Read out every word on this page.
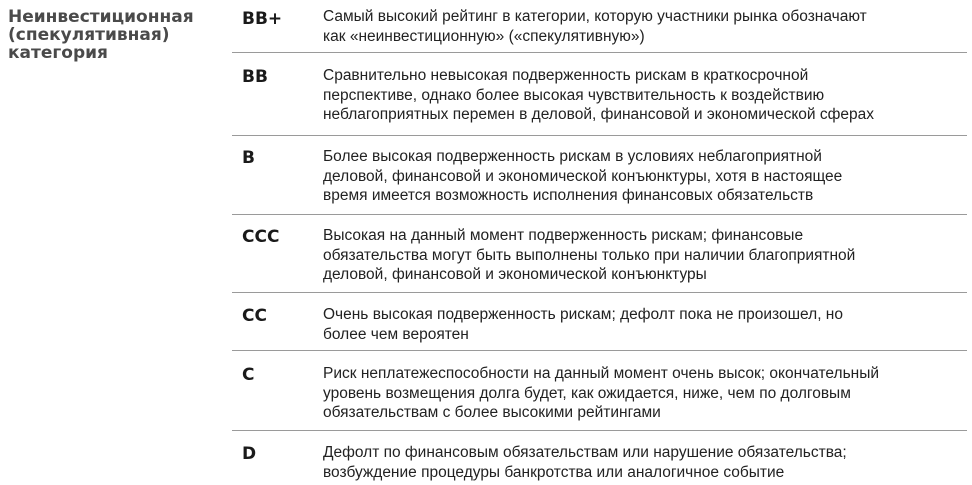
Неинвестиционная
(спекулятивная)
категория
BB+	Самый высокий рейтинг в категории, которую участники рынка обозначают
как «неинвестиционную» («спекулятивную»)
BB	Сравнительно невысокая подверженность рискам в краткосрочной
перспективе, однако более высокая чувствительность к воздействию
неблагоприятных перемен в деловой, финансовой и экономической сферах
B	Более высокая подверженность рискам в условиях неблагоприятной
деловой, финансовой и экономической конъюнктуры, хотя в настоящее
время имеется возможность исполнения финансовых обязательств
CCC	Высокая на данный момент подверженность рискам; финансовые
обязательства могут быть выполнены только при наличии благоприятной
деловой, финансовой и экономической конъюнктуры
CC	Очень высокая подверженность рискам; дефолт пока не произошел, но
более чем вероятен
C	Риск неплатежеспособности на данный момент очень высок; окончательный
уровень возмещения долга будет, как ожидается, ниже, чем по долговым
обязательствам с более высокими рейтингами
D	Дефолт по финансовым обязательствам или нарушение обязательства;
возбуждение процедуры банкротства или аналогичное событие
